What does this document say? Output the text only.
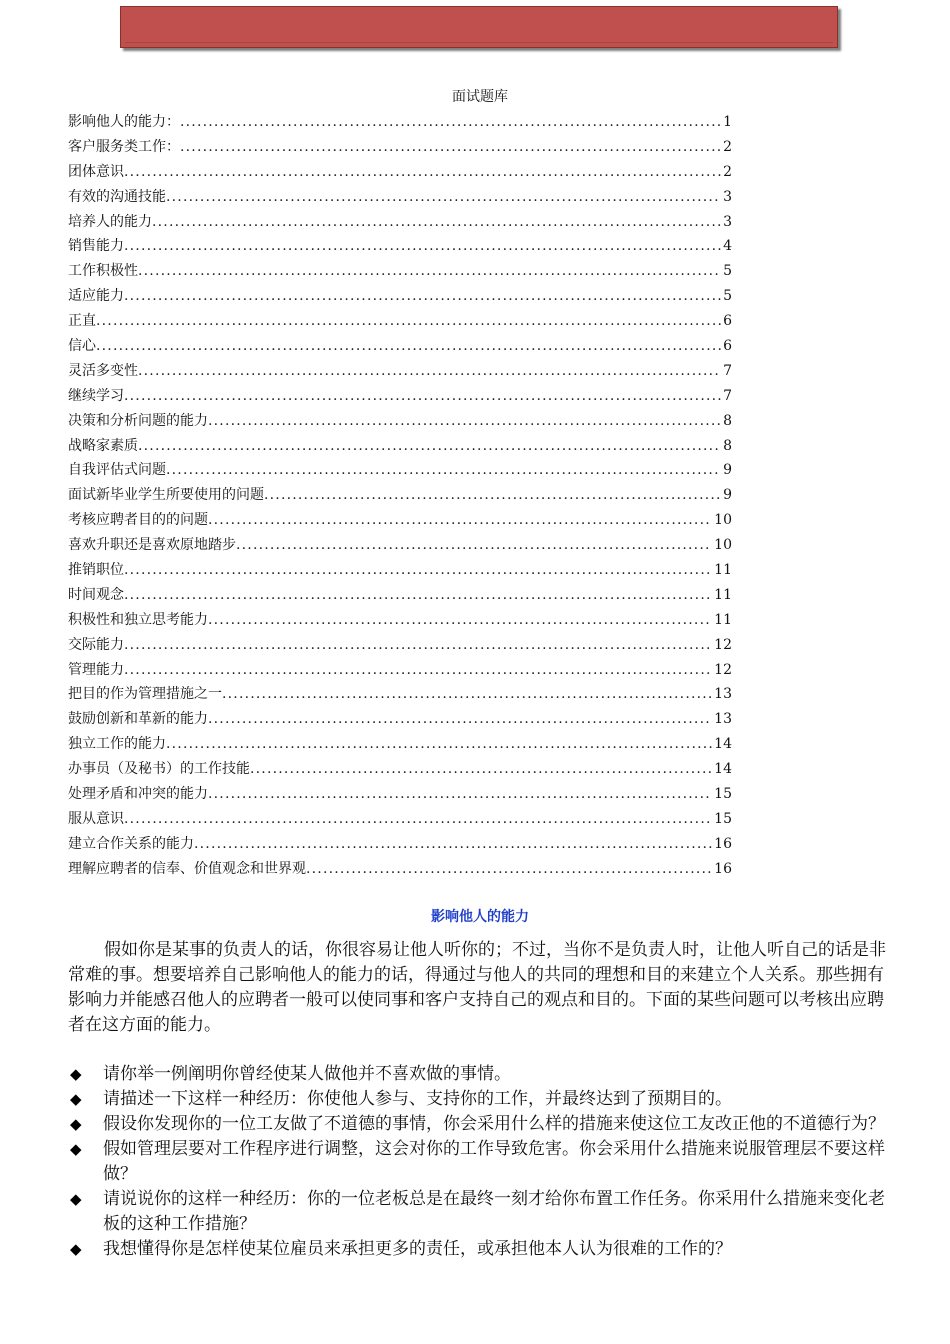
面试题库
影响他人的能力： .....	1
客户服务类工作： .....	2
团体意识 .....	2
有效的沟通技能 .....	3
培养人的能力 .....	3
销售能力 .....	4
工作积极性 .....	5
适应能力 .....	5
正直 .....	6
信心 .....	6
灵活多变性 .....	7
继续学习 .....	7
决策和分析问题的能力 .....	8
战略家素质 .....	8
自我评估式问题 .....	9
面试新毕业学生所要使用的问题 .....	9
考核应聘者目的的问题 .....	10
喜欢升职还是喜欢原地踏步 .....	10
推销职位 .....	11
时间观念 .....	11
积极性和独立思考能力 .....	11
交际能力 .....	12
管理能力 .....	12
把目的作为管理措施之一 .....	13
鼓励创新和革新的能力 .....	13
独立工作的能力 .....	14
办事员（及秘书）的工作技能 .....	14
处理矛盾和冲突的能力 .....	15
服从意识 .....	15
建立合作关系的能力 .....	16
理解应聘者的信奉、价值观念和世界观 .....	16
影响他人的能力

假如你是某事的负责人的话，你很容易让他人听你的；不过，当你不是负责人时，让他人听自己的话是非常难的事。想要培养自己影响他人的能力的话，得通过与他人的共同的理想和目的来建立个人关系。那些拥有影响力并能感召他人的应聘者一般可以使同事和客户支持自己的观点和目的。下面的某些问题可以考核出应聘者在这方面的能力。

◆ 请你举一例阐明你曾经使某人做他并不喜欢做的事情。
◆ 请描述一下这样一种经历：你使他人参与、支持你的工作，并最终达到了预期目的。
◆ 假设你发现你的一位工友做了不道德的事情，你会采用什么样的措施来使这位工友改正他的不道德行为？
◆ 假如管理层要对工作程序进行调整，这会对你的工作导致危害。你会采用什么措施来说服管理层不要这样做？
◆ 请说说你的这样一种经历：你的一位老板总是在最终一刻才给你布置工作任务。你采用什么措施来变化老板的这种工作措施？
◆ 我想懂得你是怎样使某位雇员来承担更多的责任，或承担他本人认为很难的工作的？
